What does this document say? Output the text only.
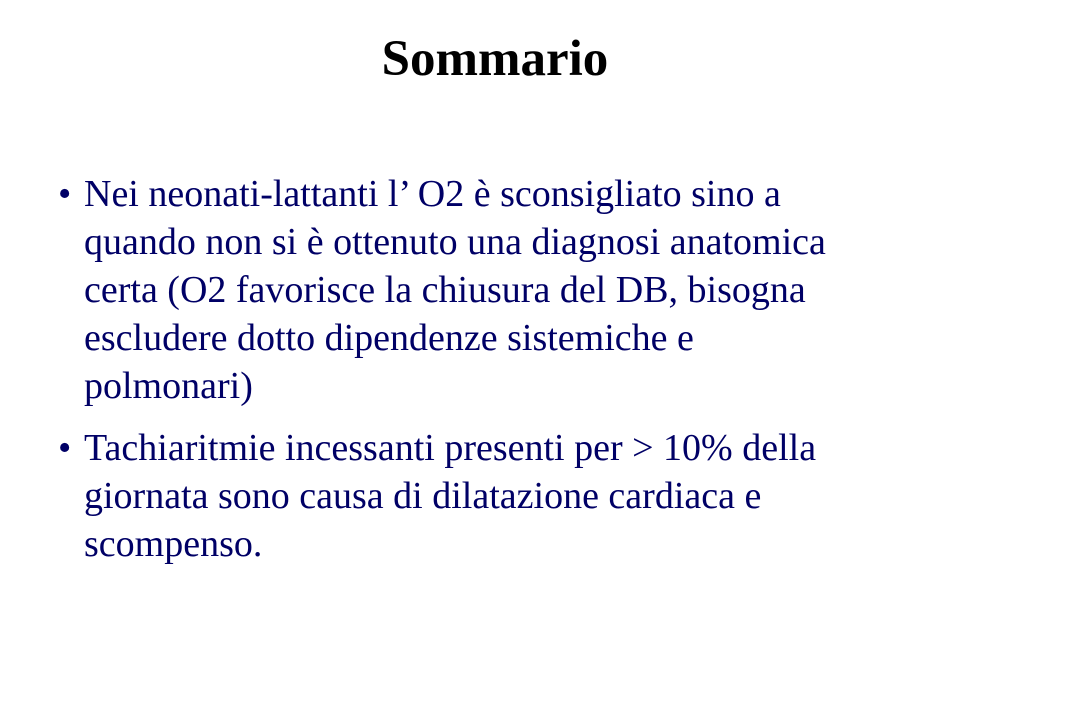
Sommario
• Nei neonati-lattanti l’ O2 è sconsigliato sino a
quando non si è ottenuto una diagnosi anatomica
certa (O2 favorisce la chiusura del DB, bisogna
escludere dotto dipendenze sistemiche e
polmonari)
• Tachiaritmie incessanti presenti per > 10% della
giornata sono causa di dilatazione cardiaca e
scompenso.
